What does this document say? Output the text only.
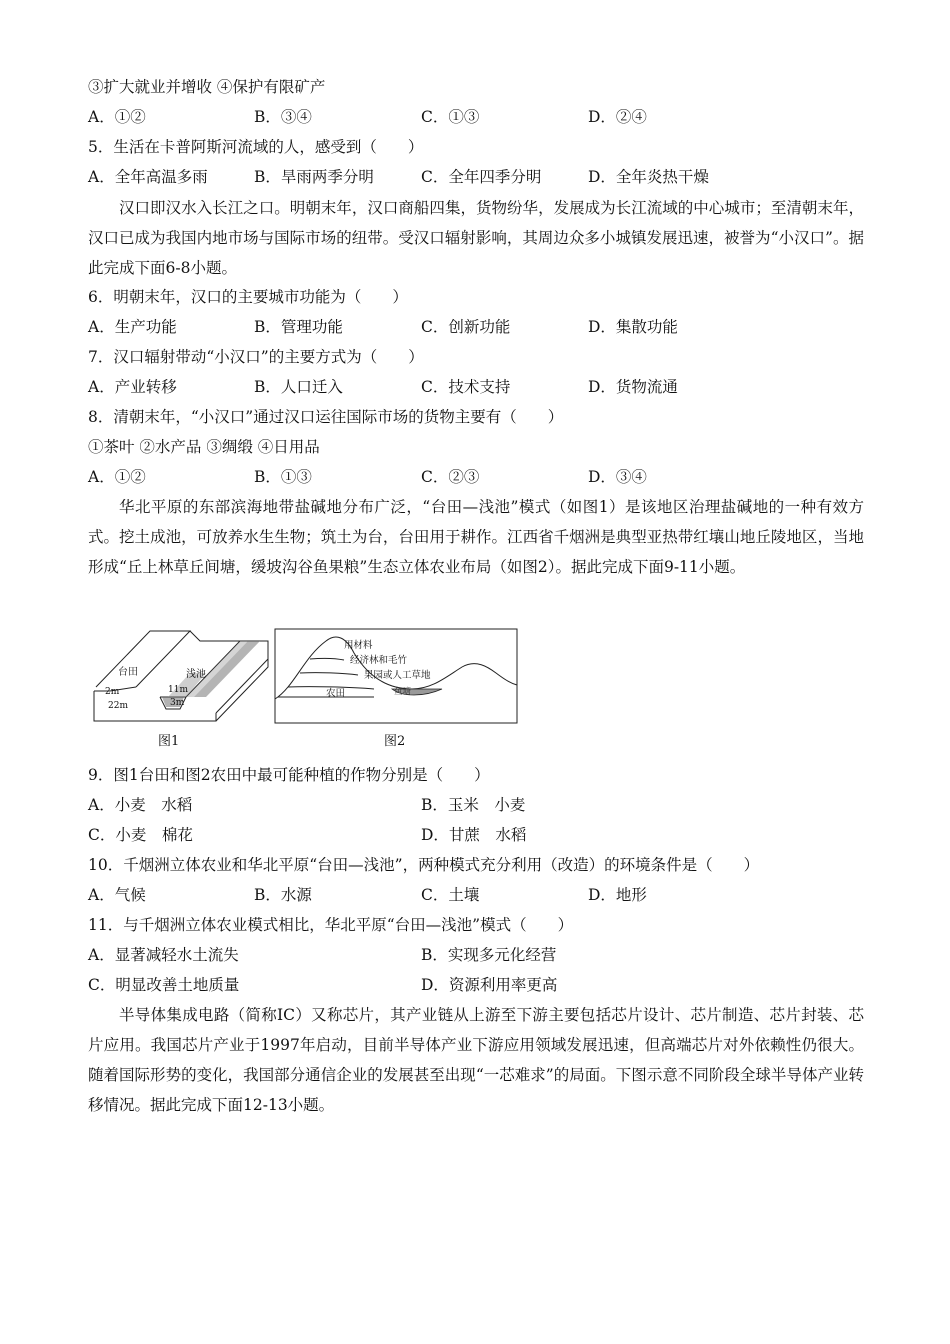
③扩大就业并增收 ④保护有限矿产
A．①②	B．③④	C．①③	D．②④
5．生活在卡普阿斯河流域的人，感受到（　　）
A．全年高温多雨	B．旱雨两季分明	C．全年四季分明	D．全年炎热干燥
汉口即汉水入长江之口。明朝末年，汉口商船四集，货物纷华，发展成为长江流域的中心城市；至清朝末年，汉口已成为我国内地市场与国际市场的纽带。受汉口辐射影响，其周边众多小城镇发展迅速，被誉为“小汉口”。据此完成下面6-8小题。
6．明朝末年，汉口的主要城市功能为（　　）
A．生产功能	B．管理功能	C．创新功能	D．集散功能
7．汉口辐射带动“小汉口”的主要方式为（　　）
A．产业转移	B．人口迁入	C．技术支持	D．货物流通
8．清朝末年，“小汉口”通过汉口运往国际市场的货物主要有（　　）
①茶叶 ②水产品 ③绸缎 ④日用品
A．①②	B．①③	C．②③	D．③④
华北平原的东部滨海地带盐碱地分布广泛，“台田—浅池”模式（如图1）是该地区治理盐碱地的一种有效方式。挖土成池，可放养水生生物；筑土为台，台田用于耕作。江西省千烟洲是典型亚热带红壤山地丘陵地区，当地形成“丘上林草丘间塘，缓坡沟谷鱼果粮”生态立体农业布局（如图2）。据此完成下面9-11小题。
台田	浅池
2m	11m
3m
22m
图1
用材料
经济林和毛竹
果园或人工草地
农田	鱼塘
图2
9．图1台田和图2农田中最可能种植的作物分别是（　　）
A．小麦　水稻	B．玉米　小麦
C．小麦　棉花	D．甘蔗　水稻
10．千烟洲立体农业和华北平原“台田—浅池”，两种模式充分利用（改造）的环境条件是（　　）
A．气候	B．水源	C．土壤	D．地形
11．与千烟洲立体农业模式相比，华北平原“台田—浅池”模式（　　）
A．显著减轻水土流失	B．实现多元化经营
C．明显改善土地质量	D．资源利用率更高
半导体集成电路（简称IC）又称芯片，其产业链从上游至下游主要包括芯片设计、芯片制造、芯片封装、芯片应用。我国芯片产业于1997年启动，目前半导体产业下游应用领域发展迅速，但高端芯片对外依赖性仍很大。随着国际形势的变化，我国部分通信企业的发展甚至出现“一芯难求”的局面。下图示意不同阶段全球半导体产业转移情况。据此完成下面12-13小题。
